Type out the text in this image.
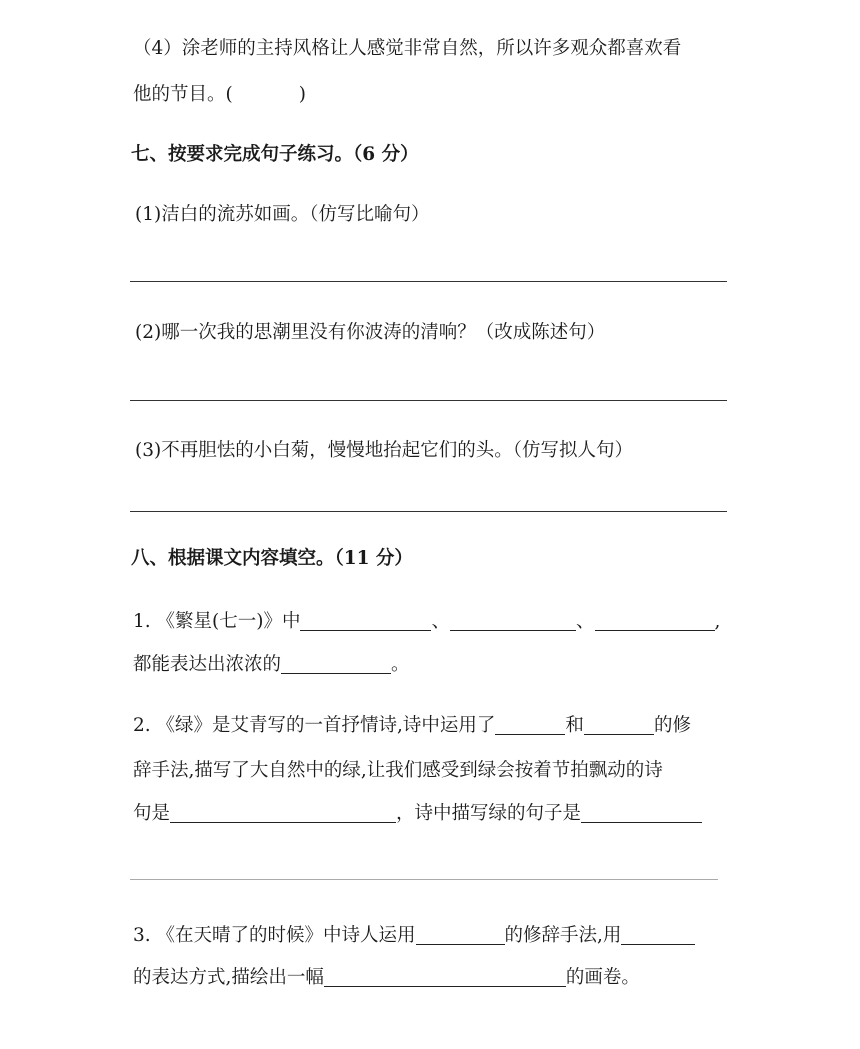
（4）涂老师的主持风格让人感觉非常自然，所以许多观众都喜欢看
他的节目。(	)
七、按要求完成句子练习。（6 分）
(1)洁白的流苏如画。（仿写比喻句）
(2)哪一次我的思潮里没有你波涛的清响？（改成陈述句）
(3)不再胆怯的小白菊，慢慢地抬起它们的头。（仿写拟人句）
八、根据课文内容填空。（11 分）
1. 《繁星(七一)》中	、	、	,
都能表达出浓浓的	。
2. 《绿》是艾青写的一首抒情诗,诗中运用了	和	的修
辞手法,描写了大自然中的绿,让我们感受到绿会按着节拍飘动的诗
句是	，诗中描写绿的句子是
3. 《在天晴了的时候》中诗人运用	的修辞手法,用
的表达方式,描绘出一幅	的画卷。
